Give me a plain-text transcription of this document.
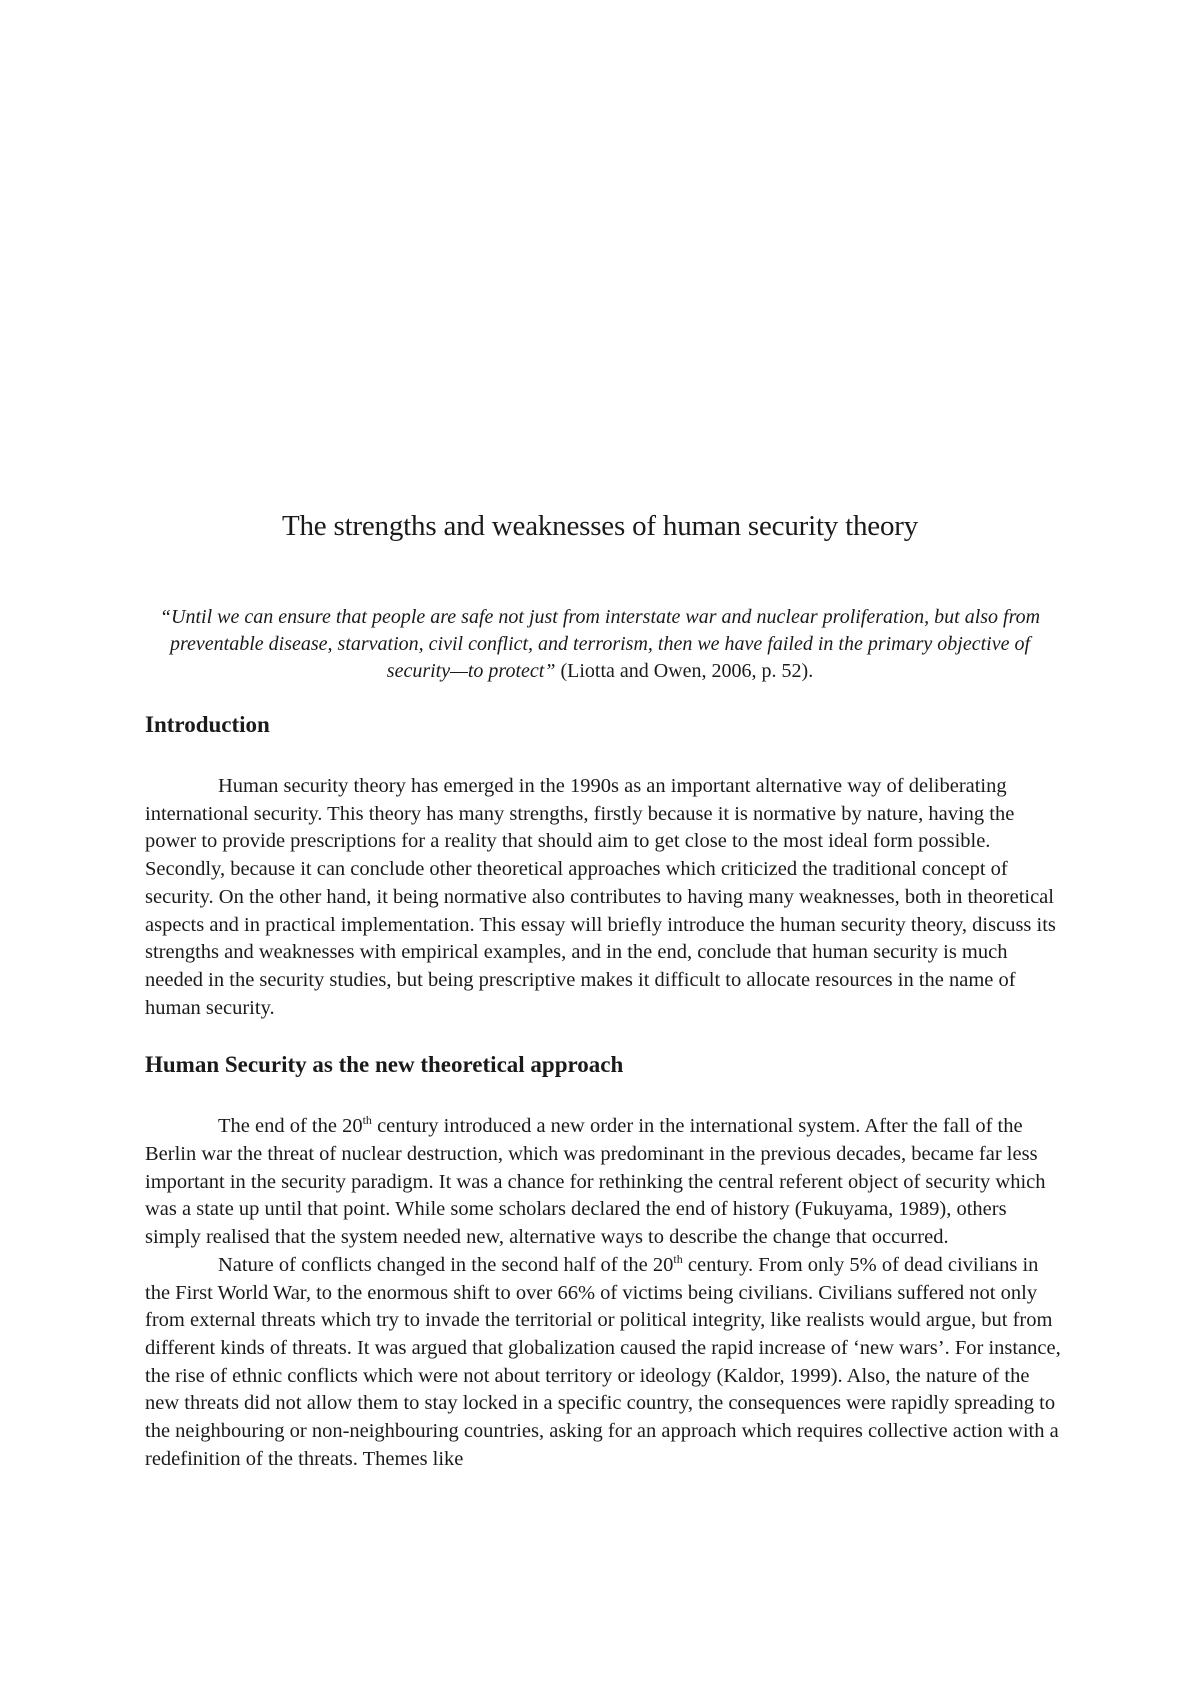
The strengths and weaknesses of human security theory
“Until we can ensure that people are safe not just from interstate war and nuclear proliferation, but also from preventable disease, starvation, civil conflict, and terrorism, then we have failed in the primary objective of security—to protect” (Liotta and Owen, 2006, p. 52).
Introduction

Human security theory has emerged in the 1990s as an important alternative way of deliberating international security. This theory has many strengths, firstly because it is normative by nature, having the power to provide prescriptions for a reality that should aim to get close to the most ideal form possible. Secondly, because it can conclude other theoretical approaches which criticized the traditional concept of security. On the other hand, it being normative also contributes to having many weaknesses, both in theoretical aspects and in practical implementation. This essay will briefly introduce the human security theory, discuss its strengths and weaknesses with empirical examples, and in the end, conclude that human security is much needed in the security studies, but being prescriptive makes it difficult to allocate resources in the name of human security.

Human Security as the new theoretical approach

The end of the 20th century introduced a new order in the international system. After the fall of the Berlin war the threat of nuclear destruction, which was predominant in the previous decades, became far less important in the security paradigm. It was a chance for rethinking the central referent object of security which was a state up until that point. While some scholars declared the end of history (Fukuyama, 1989), others simply realised that the system needed new, alternative ways to describe the change that occurred.

Nature of conflicts changed in the second half of the 20th century. From only 5% of dead civilians in the First World War, to the enormous shift to over 66% of victims being civilians. Civilians suffered not only from external threats which try to invade the territorial or political integrity, like realists would argue, but from different kinds of threats. It was argued that globalization caused the rapid increase of ‘new wars’. For instance, the rise of ethnic conflicts which were not about territory or ideology (Kaldor, 1999). Also, the nature of the new threats did not allow them to stay locked in a specific country, the consequences were rapidly spreading to the neighbouring or non-neighbouring countries, asking for an approach which requires collective action with a redefinition of the threats. Themes like
